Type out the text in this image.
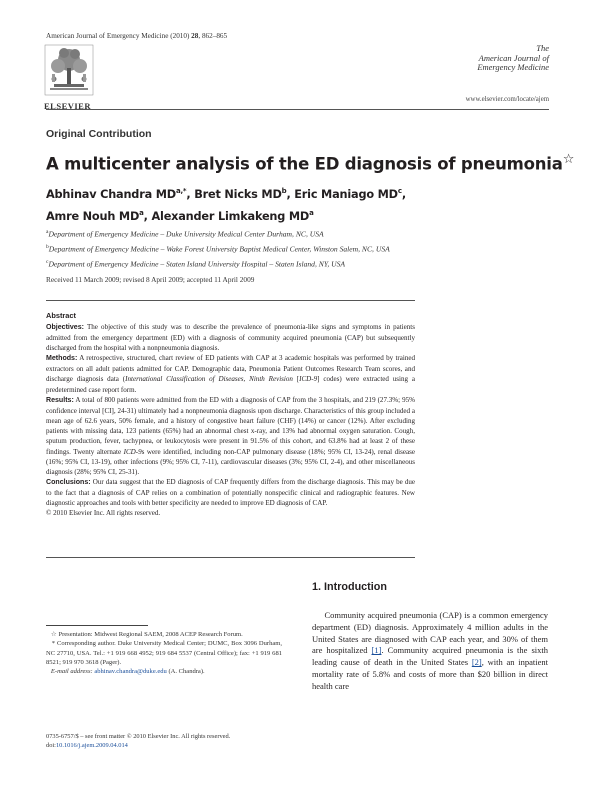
American Journal of Emergency Medicine (2010) 28, 862–865
ELSEVIER
The
American Journal of
Emergency Medicine
www.elsevier.com/locate/ajem
Original Contribution
A multicenter analysis of the ED diagnosis of pneumonia☆
Abhinav Chandra $MD^{a,*}$, Bret Nicks $MD^b$, Eric Maniago $MD^c$,
Amre Nouh $MD^a$, Alexander Limkakeng $MD^a$
$^a$Department of Emergency Medicine – Duke University Medical Center Durham, NC, USA
$^b$Department of Emergency Medicine – Wake Forest University Baptist Medical Center, Winston Salem, NC, USA
$^c$Department of Emergency Medicine – Staten Island University Hospital – Staten Island, NY, USA
Received 11 March 2009; revised 8 April 2009; accepted 11 April 2009
Abstract

Objectives: The objective of this study was to describe the prevalence of pneumonia-like signs and symptoms in patients admitted from the emergency department (ED) with a diagnosis of community acquired pneumonia (CAP) but subsequently discharged from the hospital with a nonpneumonia diagnosis.

Methods: A retrospective, structured, chart review of ED patients with CAP at 3 academic hospitals was performed by trained extractors on all adult patients admitted for CAP. Demographic data, Pneumonia Patient Outcomes Research Team scores, and discharge diagnosis data (International Classification of Diseases, Ninth Revision [ICD-9] codes) were extracted using a predetermined case report form.

Results: A total of 800 patients were admitted from the ED with a diagnosis of CAP from the 3 hospitals, and 219 (27.3%; 95% confidence interval [CI], 24-31) ultimately had a nonpneumonia diagnosis upon discharge. Characteristics of this group included a mean age of 62.6 years, 50% female, and a history of congestive heart failure (CHF) (14%) or cancer (12%). After excluding patients with missing data, 123 patients (65%) had an abnormal chest x-ray, and 13% had abnormal oxygen saturation. Cough, sputum production, fever, tachypnea, or leukocytosis were present in 91.5% of this cohort, and 63.8% had at least 2 of these findings. Twenty alternate ICD-9s were identified, including non-CAP pulmonary disease (18%; 95% CI, 13-24), renal disease (16%; 95% CI, 13-19), other infections (9%; 95% CI, 7-11), cardiovascular diseases (3%; 95% CI, 2-4), and other miscellaneous diagnosis (28%; 95% CI, 25-31).

Conclusions: Our data suggest that the ED diagnosis of CAP frequently differs from the discharge diagnosis. This may be due to the fact that a diagnosis of CAP relies on a combination of potentially nonspecific clinical and radiographic features. New diagnostic approaches and tools with better specificity are needed to improve ED diagnosis of CAP.

© 2010 Elsevier Inc. All rights reserved.

☆ Presentation: Midwest Regional SAEM, 2008 ACEP Research Forum.

* Corresponding author. Duke University Medical Center; DUMC, Box 3096 Durham, NC 27710, USA. Tel.: +1 919 668 4952; 919 684 5537 (Central Office); fax: +1 919 681 8521; 919 970 3618 (Pager).

E-mail address: abhinav.chandra@duke.edu (A. Chandra).

0735-6757/$ – see front matter © 2010 Elsevier Inc. All rights reserved.
doi:10.1016/j.ajem.2009.04.014
1. Introduction
Community acquired pneumonia (CAP) is a common emergency department (ED) diagnosis. Approximately 4 million adults in the United States are diagnosed with CAP each year, and 30% of them are hospitalized [1]. Community acquired pneumonia is the sixth leading cause of death in the United States [2], with an inpatient mortality rate of 5.8% and costs of more than $20 billion in direct health care
